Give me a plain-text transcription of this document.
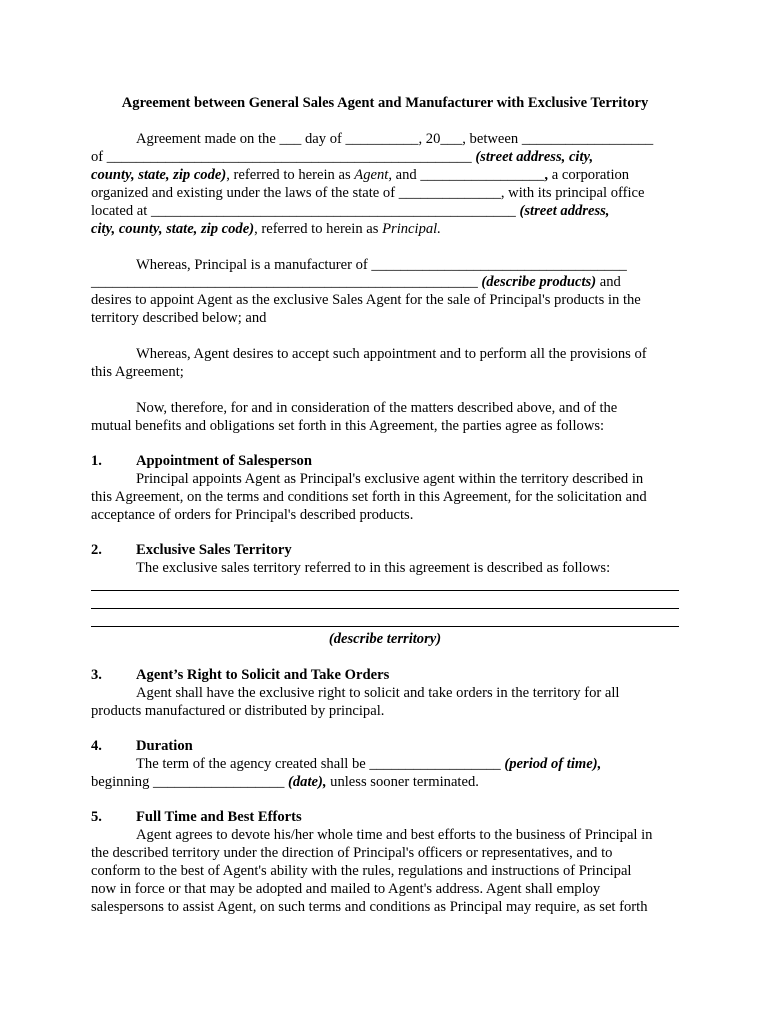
Agreement between General Sales Agent and Manufacturer with Exclusive Territory
Agreement made on the ___ day of __________, 20___, between __________________
of __________________________________________________ (street address, city,
county, state, zip code), referred to herein as Agent, and _________________, a corporation
organized and existing under the laws of the state of ______________, with its principal office
located at __________________________________________________ (street address,
city, county, state, zip code), referred to herein as Principal.
Whereas, Principal is a manufacturer of ___________________________________
_____________________________________________________ (describe products) and
desires to appoint Agent as the exclusive Sales Agent for the sale of Principal's products in the
territory described below; and
Whereas, Agent desires to accept such appointment and to perform all the provisions of
this Agreement;
Now, therefore, for and in consideration of the matters described above, and of the
mutual benefits and obligations set forth in this Agreement, the parties agree as follows:
1. Appointment of Salesperson
Principal appoints Agent as Principal's exclusive agent within the territory described in
this Agreement, on the terms and conditions set forth in this Agreement, for the solicitation and
acceptance of orders for Principal's described products.
2. Exclusive Sales Territory
The exclusive sales territory referred to in this agreement is described as follows:
(describe territory)
3. Agent’s Right to Solicit and Take Orders
Agent shall have the exclusive right to solicit and take orders in the territory for all
products manufactured or distributed by principal.
4. Duration
The term of the agency created shall be __________________ (period of time),
beginning __________________ (date), unless sooner terminated.
5. Full Time and Best Efforts
Agent agrees to devote his/her whole time and best efforts to the business of Principal in
the described territory under the direction of Principal's officers or representatives, and to
conform to the best of Agent's ability with the rules, regulations and instructions of Principal
now in force or that may be adopted and mailed to Agent's address. Agent shall employ
salespersons to assist Agent, on such terms and conditions as Principal may require, as set forth
